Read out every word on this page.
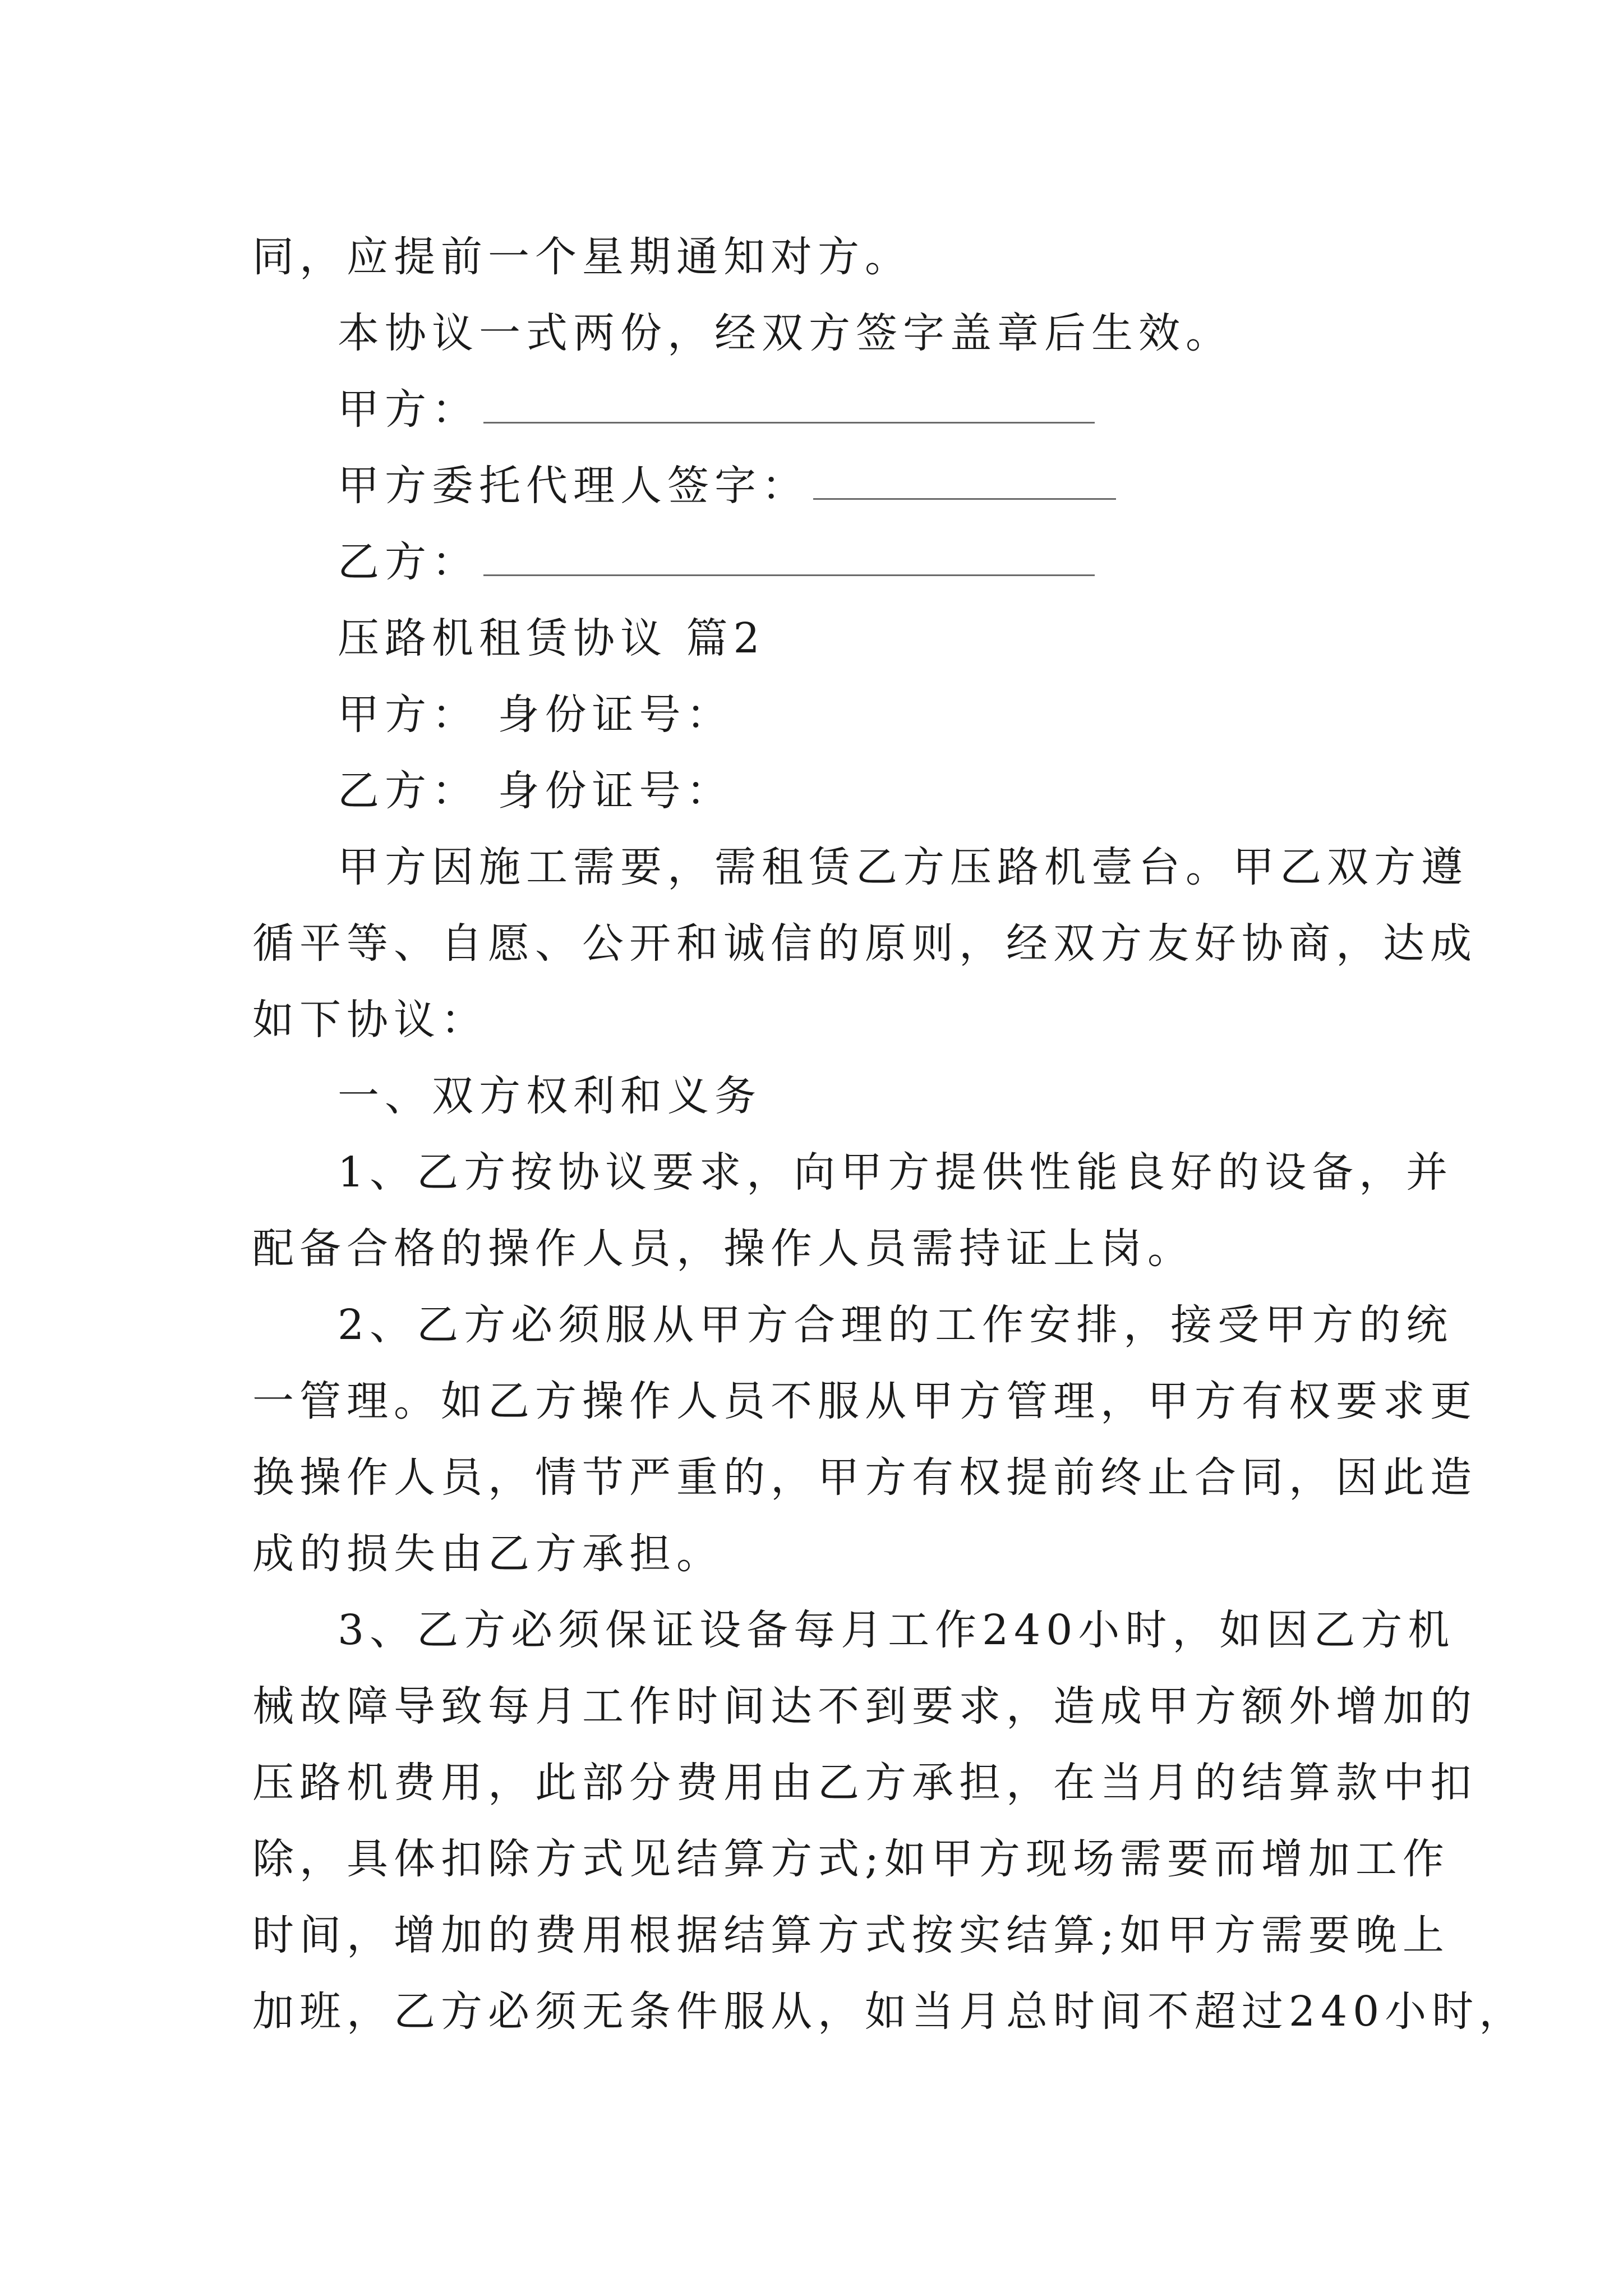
同，应提前一个星期通知对方。
本协议一式两份，经双方签字盖章后生效。
甲方：
甲方委托代理人签字：
乙方：
压路机租赁协议 篇2
甲方： 身份证号：
乙方： 身份证号：
甲方因施工需要，需租赁乙方压路机壹台。甲乙双方遵
循平等、自愿、公开和诚信的原则，经双方友好协商，达成
如下协议：
一、双方权利和义务
1、乙方按协议要求，向甲方提供性能良好的设备，并
配备合格的操作人员，操作人员需持证上岗。
2、乙方必须服从甲方合理的工作安排，接受甲方的统
一管理。如乙方操作人员不服从甲方管理，甲方有权要求更
换操作人员，情节严重的，甲方有权提前终止合同，因此造
成的损失由乙方承担。
3、乙方必须保证设备每月工作240小时，如因乙方机
械故障导致每月工作时间达不到要求，造成甲方额外增加的
压路机费用，此部分费用由乙方承担，在当月的结算款中扣
除，具体扣除方式见结算方式;如甲方现场需要而增加工作
时间，增加的费用根据结算方式按实结算;如甲方需要晚上
加班，乙方必须无条件服从，如当月总时间不超过240小时，
